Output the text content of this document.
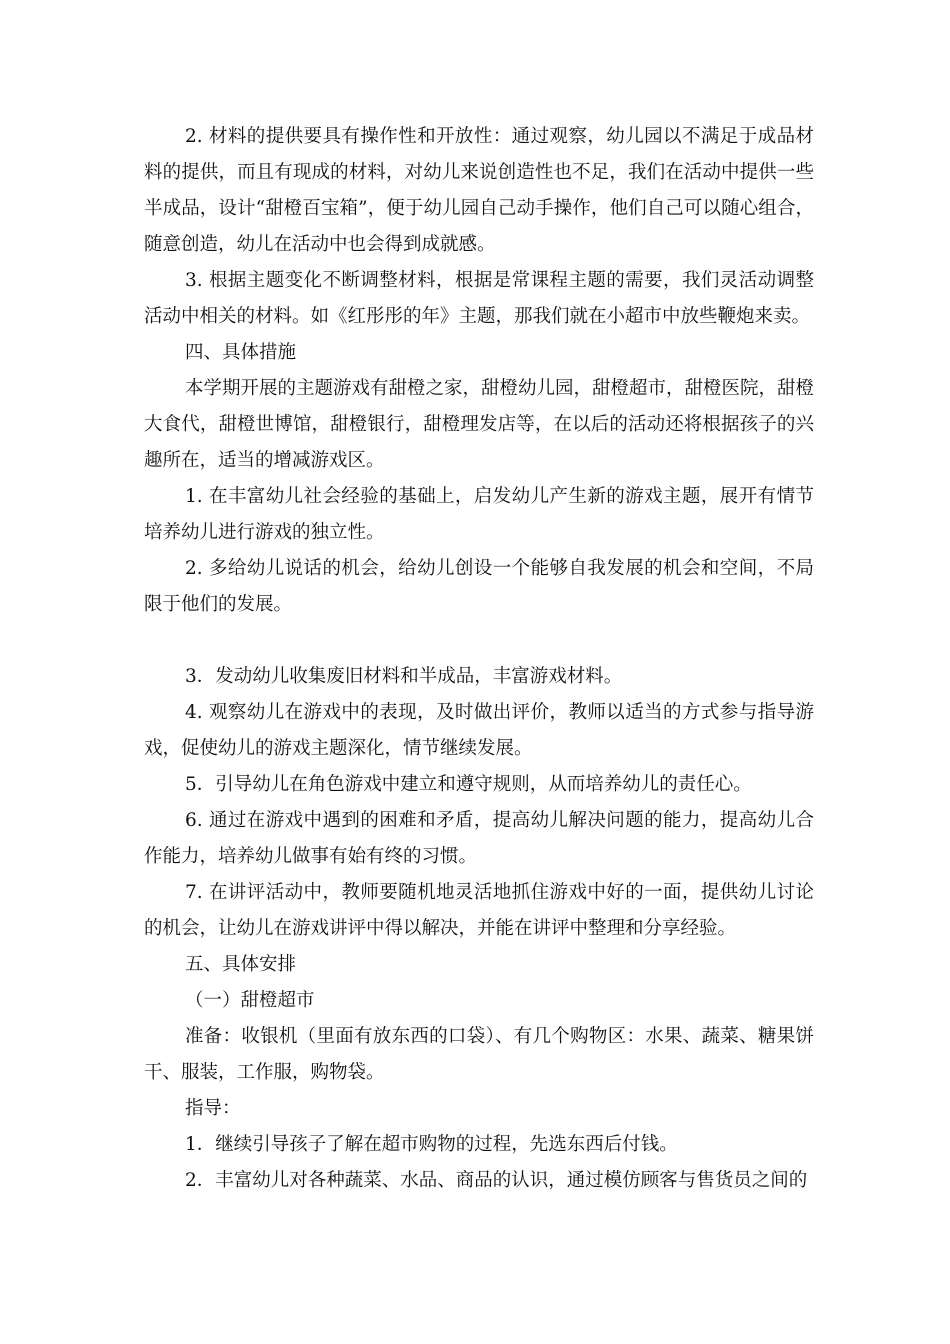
2. 材料的提供要具有操作性和开放性：通过观察，幼儿园以不满足于成品材料的提供，而且有现成的材料，对幼儿来说创造性也不足，我们在活动中提供一些半成品，设计“甜橙百宝箱”，便于幼儿园自己动手操作，他们自己可以随心组合，随意创造，幼儿在活动中也会得到成就感。

3. 根据主题变化不断调整材料，根据是常课程主题的需要，我们灵活动调整活动中相关的材料。如《红彤彤的年》主题，那我们就在小超市中放些鞭炮来卖。

四、具体措施

本学期开展的主题游戏有甜橙之家，甜橙幼儿园，甜橙超市，甜橙医院，甜橙大食代，甜橙世博馆，甜橙银行，甜橙理发店等，在以后的活动还将根据孩子的兴趣所在，适当的增减游戏区。

1. 在丰富幼儿社会经验的基础上，启发幼儿产生新的游戏主题，展开有情节培养幼儿进行游戏的独立性。

2. 多给幼儿说话的机会，给幼儿创设一个能够自我发展的机会和空间，不局限于他们的发展。

3．发动幼儿收集废旧材料和半成品，丰富游戏材料。

4. 观察幼儿在游戏中的表现，及时做出评价，教师以适当的方式参与指导游戏，促使幼儿的游戏主题深化，情节继续发展。

5．引导幼儿在角色游戏中建立和遵守规则，从而培养幼儿的责任心。

6. 通过在游戏中遇到的困难和矛盾，提高幼儿解决问题的能力，提高幼儿合作能力，培养幼儿做事有始有终的习惯。

7. 在讲评活动中，教师要随机地灵活地抓住游戏中好的一面，提供幼儿讨论的机会，让幼儿在游戏讲评中得以解决，并能在讲评中整理和分享经验。

五、具体安排

（一）甜橙超市

准备：收银机（里面有放东西的口袋）、有几个购物区：水果、蔬菜、糖果饼干、服装，工作服，购物袋。

指导：

1．继续引导孩子了解在超市购物的过程，先选东西后付钱。

2．丰富幼儿对各种蔬菜、水品、商品的认识，通过模仿顾客与售货员之间的
